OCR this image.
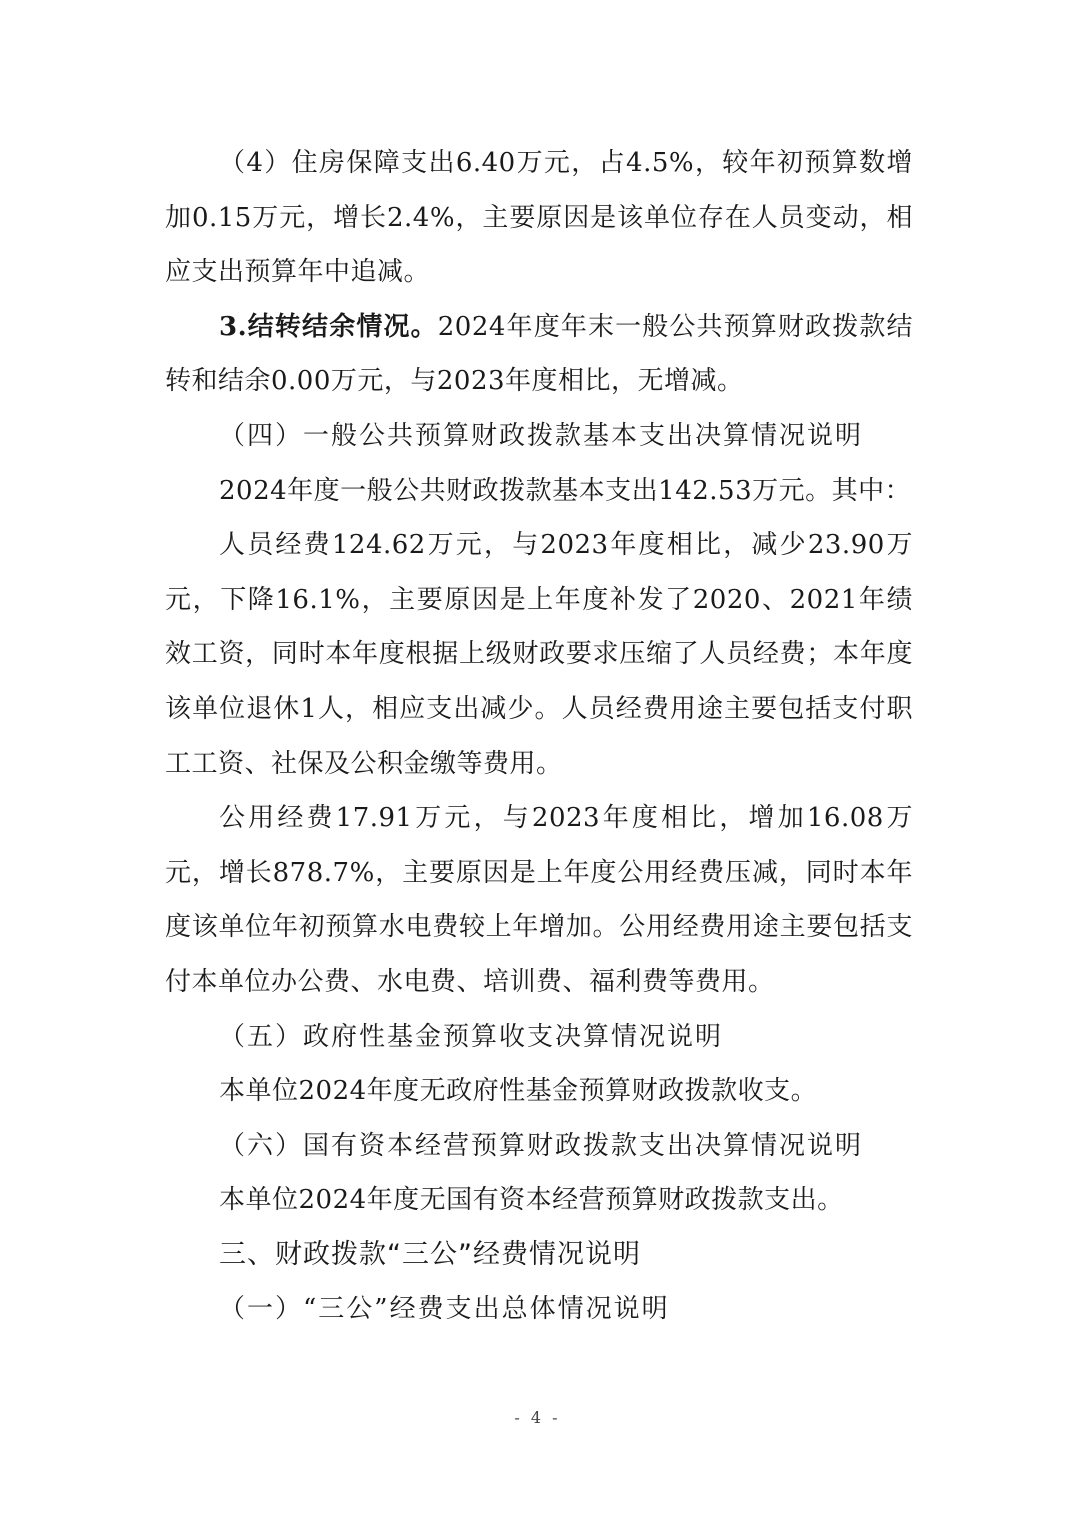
（4）住房保障支出6.40万元，占4.5%，较年初预算数增加0.15万元，增长2.4%，主要原因是该单位存在人员变动，相应支出预算年中追减。

3.结转结余情况。2024年度年末一般公共预算财政拨款结转和结余0.00万元，与2023年度相比，无增减。

（四）一般公共预算财政拨款基本支出决算情况说明

2024年度一般公共财政拨款基本支出142.53万元。其中：

人员经费124.62万元，与2023年度相比，减少23.90万元，下降16.1%，主要原因是上年度补发了2020、2021年绩效工资，同时本年度根据上级财政要求压缩了人员经费；本年度该单位退休1人，相应支出减少。人员经费用途主要包括支付职工工资、社保及公积金缴等费用。

公用经费17.91万元，与2023年度相比，增加16.08万元，增长878.7%，主要原因是上年度公用经费压减，同时本年度该单位年初预算水电费较上年增加。公用经费用途主要包括支付本单位办公费、水电费、培训费、福利费等费用。

（五）政府性基金预算收支决算情况说明

本单位2024年度无政府性基金预算财政拨款收支。

（六）国有资本经营预算财政拨款支出决算情况说明

本单位2024年度无国有资本经营预算财政拨款支出。

三、财政拨款“三公”经费情况说明

（一）“三公”经费支出总体情况说明

- 4 -
